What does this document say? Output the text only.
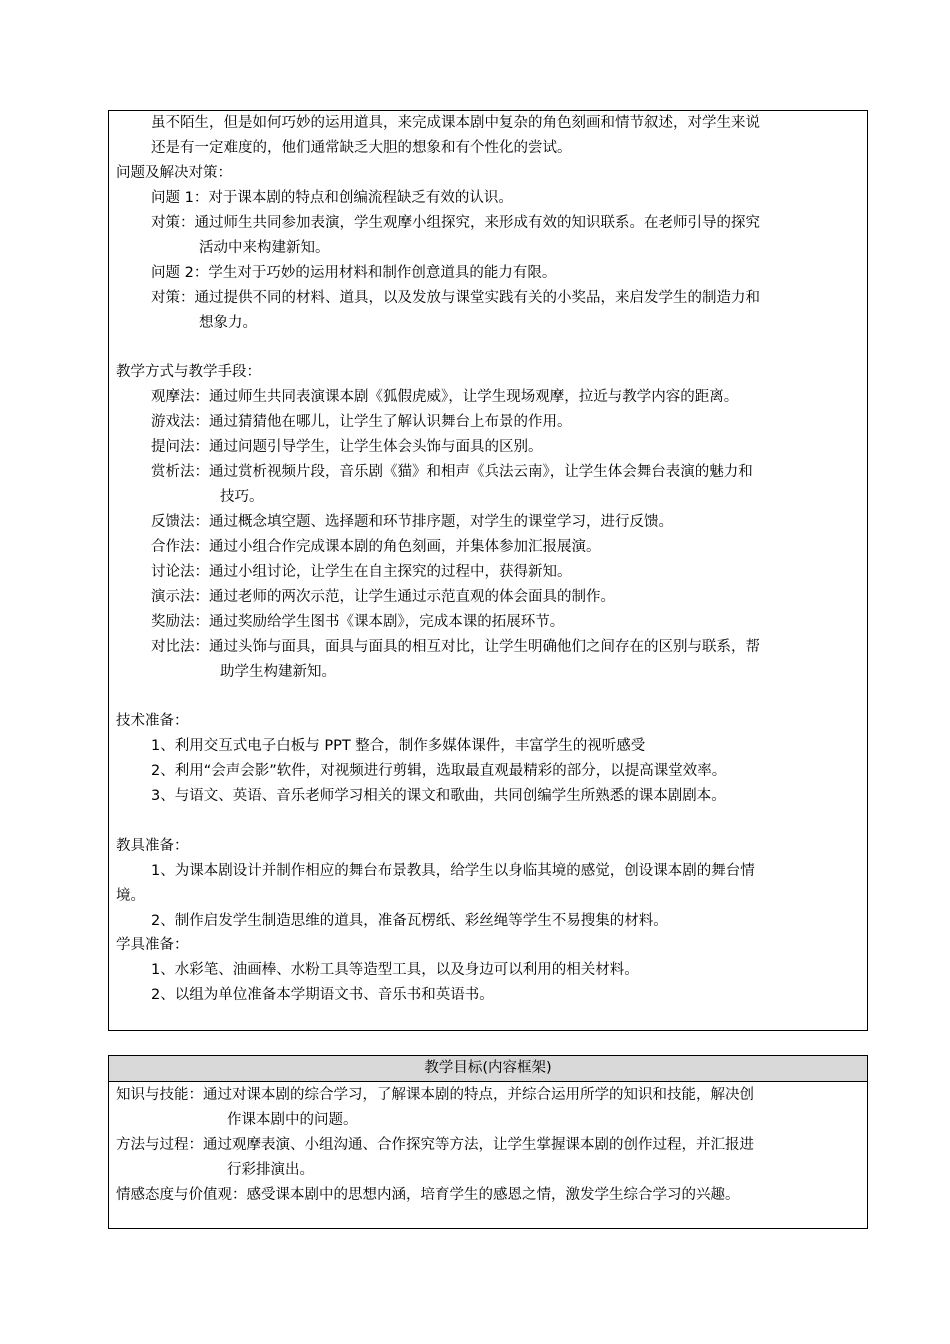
虽不陌生，但是如何巧妙的运用道具，来完成课本剧中复杂的角色刻画和情节叙述，对学生来说
还是有一定难度的，他们通常缺乏大胆的想象和有个性化的尝试。
问题及解决对策：
问题 1：对于课本剧的特点和创编流程缺乏有效的认识。
对策：通过师生共同参加表演，学生观摩小组探究，来形成有效的知识联系。在老师引导的探究
活动中来构建新知。
问题 2：学生对于巧妙的运用材料和制作创意道具的能力有限。
对策：通过提供不同的材料、道具，以及发放与课堂实践有关的小奖品，来启发学生的制造力和
想象力。
教学方式与教学手段：
观摩法：通过师生共同表演课本剧《狐假虎威》，让学生现场观摩，拉近与教学内容的距离。
游戏法：通过猜猜他在哪儿，让学生了解认识舞台上布景的作用。
提问法：通过问题引导学生，让学生体会头饰与面具的区别。
赏析法：通过赏析视频片段，音乐剧《猫》和相声《兵法云南》，让学生体会舞台表演的魅力和
技巧。
反馈法：通过概念填空题、选择题和环节排序题，对学生的课堂学习，进行反馈。
合作法：通过小组合作完成课本剧的角色刻画，并集体参加汇报展演。
讨论法：通过小组讨论，让学生在自主探究的过程中，获得新知。
演示法：通过老师的两次示范，让学生通过示范直观的体会面具的制作。
奖励法：通过奖励给学生图书《课本剧》，完成本课的拓展环节。
对比法：通过头饰与面具，面具与面具的相互对比，让学生明确他们之间存在的区别与联系，帮
助学生构建新知。
技术准备：
1、利用交互式电子白板与 PPT 整合，制作多媒体课件，丰富学生的视听感受
2、利用“会声会影”软件，对视频进行剪辑，选取最直观最精彩的部分，以提高课堂效率。
3、与语文、英语、音乐老师学习相关的课文和歌曲，共同创编学生所熟悉的课本剧剧本。
教具准备：
1、为课本剧设计并制作相应的舞台布景教具，给学生以身临其境的感觉，创设课本剧的舞台情
境。
2、制作启发学生制造思维的道具，准备瓦楞纸、彩丝绳等学生不易搜集的材料。
学具准备：
1、水彩笔、油画棒、水粉工具等造型工具，以及身边可以利用的相关材料。
2、以组为单位准备本学期语文书、音乐书和英语书。
教学目标(内容框架)
知识与技能：通过对课本剧的综合学习，了解课本剧的特点，并综合运用所学的知识和技能，解决创
作课本剧中的问题。
方法与过程：通过观摩表演、小组沟通、合作探究等方法，让学生掌握课本剧的创作过程，并汇报进
行彩排演出。
情感态度与价值观：感受课本剧中的思想内涵，培育学生的感恩之情，激发学生综合学习的兴趣。
